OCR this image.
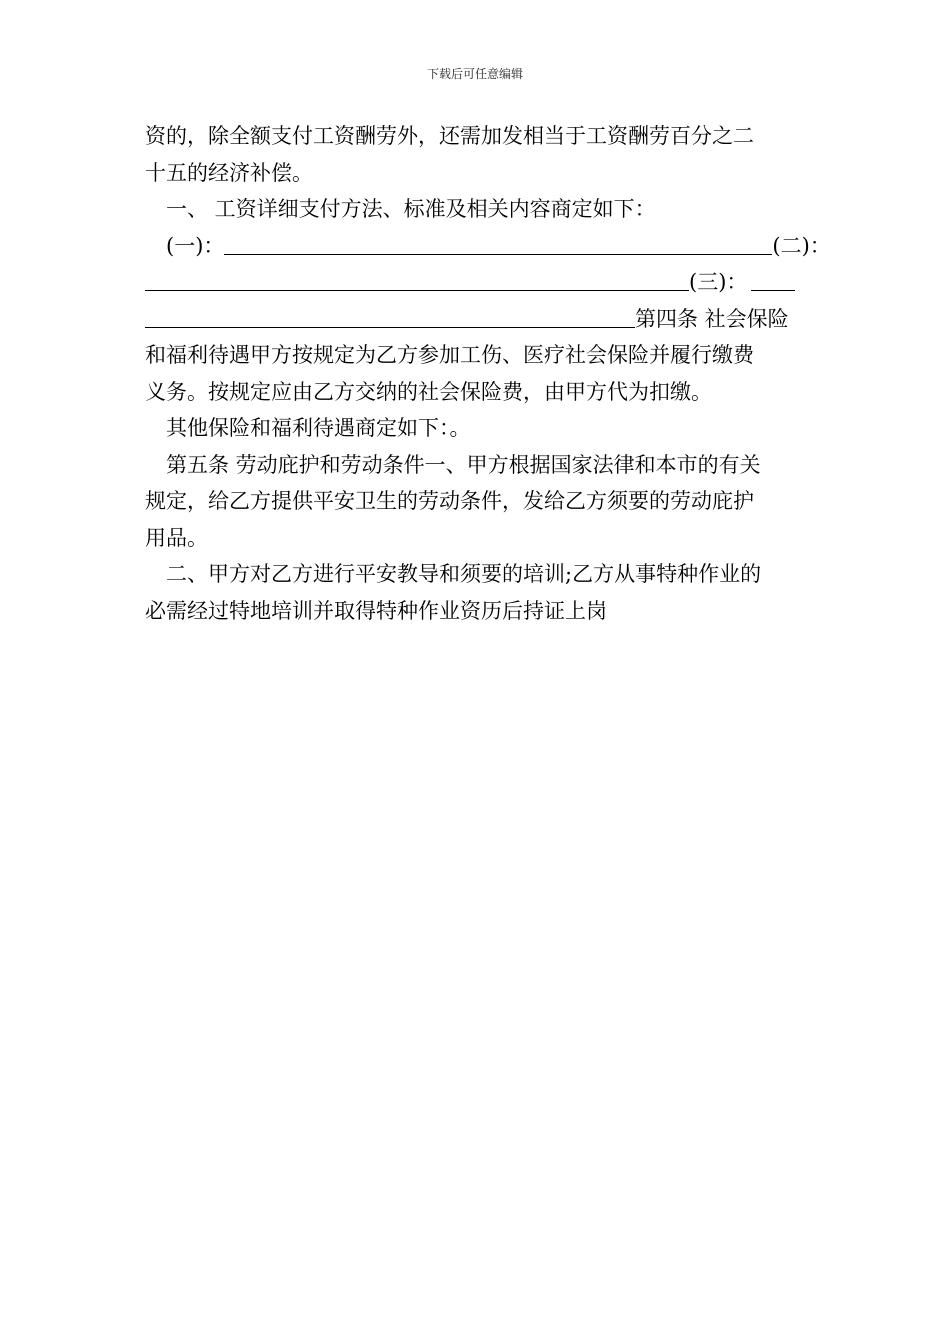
下载后可任意编辑
资的，除全额支付工资酬劳外，还需加发相当于工资酬劳百分之二
十五的经济补偿。
一、 工资详细支付方法、标准及相关内容商定如下：
(一)：	(二)：
(三)：
第四条 社会保险
和福利待遇甲方按规定为乙方参加工伤、医疗社会保险并履行缴费
义务。按规定应由乙方交纳的社会保险费，由甲方代为扣缴。
其他保险和福利待遇商定如下：。
第五条 劳动庇护和劳动条件一、甲方根据国家法律和本市的有关
规定，给乙方提供平安卫生的劳动条件，发给乙方须要的劳动庇护
用品。
二、甲方对乙方进行平安教导和须要的培训;乙方从事特种作业的
必需经过特地培训并取得特种作业资历后持证上岗
